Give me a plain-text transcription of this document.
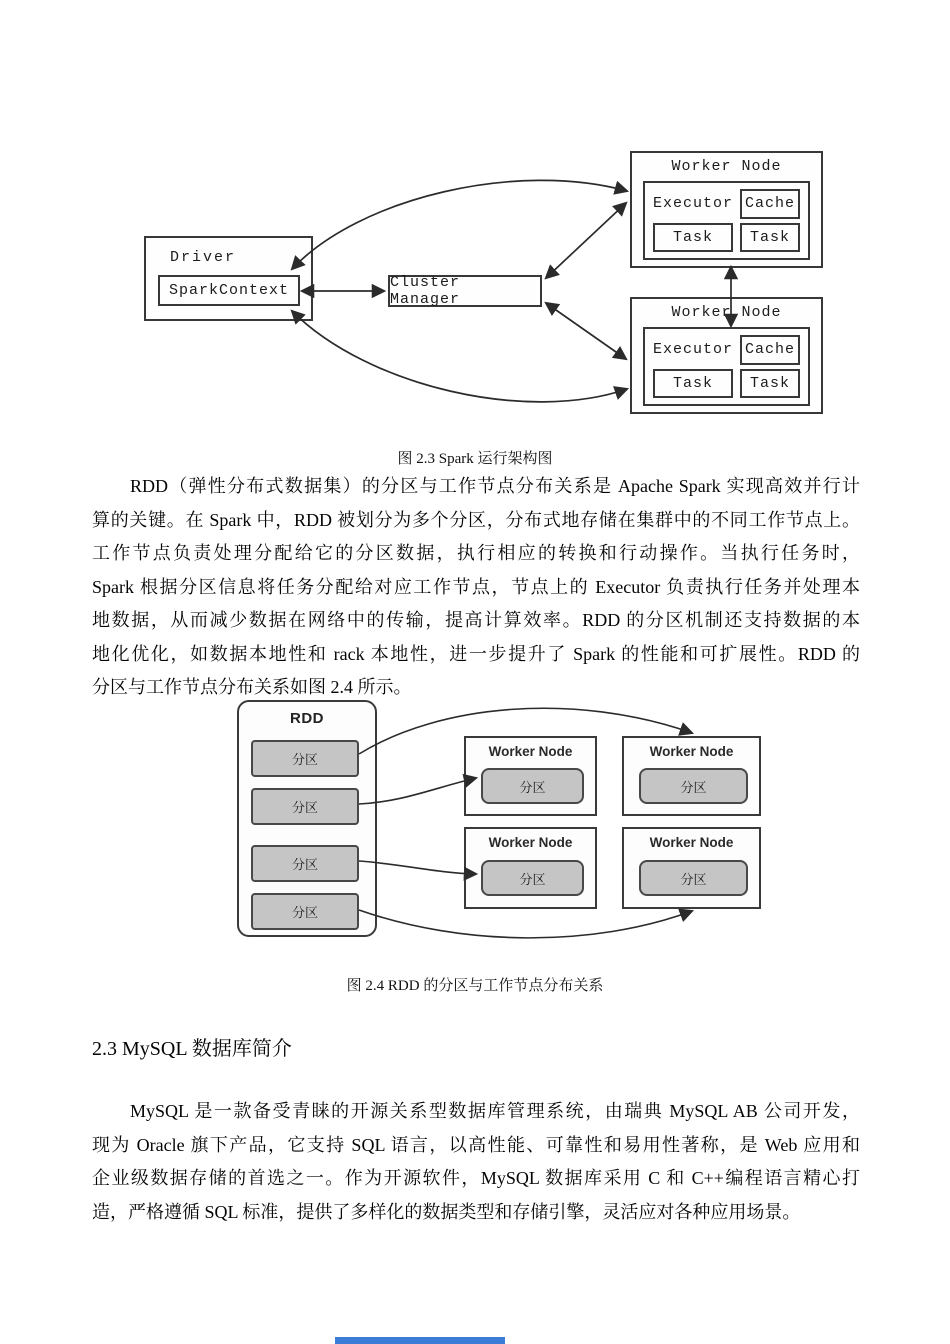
Driver
SparkContext	Cluster Manager
Worker Node
Executor Cache
Task	Task
Worker Node
Executor Cache
Task	Task
图 2.3 Spark 运行架构图
RDD（弹性分布式数据集）的分区与工作节点分布关系是 Apache Spark 实现高效并行计
算的关键。在 Spark 中，RDD 被划分为多个分区，分布式地存储在集群中的不同工作节点上。
工作节点负责处理分配给它的分区数据，执行相应的转换和行动操作。当执行任务时，
Spark 根据分区信息将任务分配给对应工作节点，节点上的 Executor 负责执行任务并处理本
地数据，从而减少数据在网络中的传输，提高计算效率。RDD 的分区机制还支持数据的本
地化优化，如数据本地性和 rack 本地性，进一步提升了 Spark 的性能和可扩展性。RDD 的
分区与工作节点分布关系如图 2.4 所示。
RDD
分区
分区
分区
分区
Worker Node
分区
Worker Node
分区
Worker Node
分区
Worker Node
分区
图 2.4 RDD 的分区与工作节点分布关系
2.3 MySQL 数据库简介
MySQL 是一款备受青睐的开源关系型数据库管理系统，由瑞典 MySQL AB 公司开发，
现为 Oracle 旗下产品，它支持 SQL 语言，以高性能、可靠性和易用性著称，是 Web 应用和
企业级数据存储的首选之一。作为开源软件，MySQL 数据库采用 C 和 C++编程语言精心打
造，严格遵循 SQL 标准，提供了多样化的数据类型和存储引擎，灵活应对各种应用场景。
